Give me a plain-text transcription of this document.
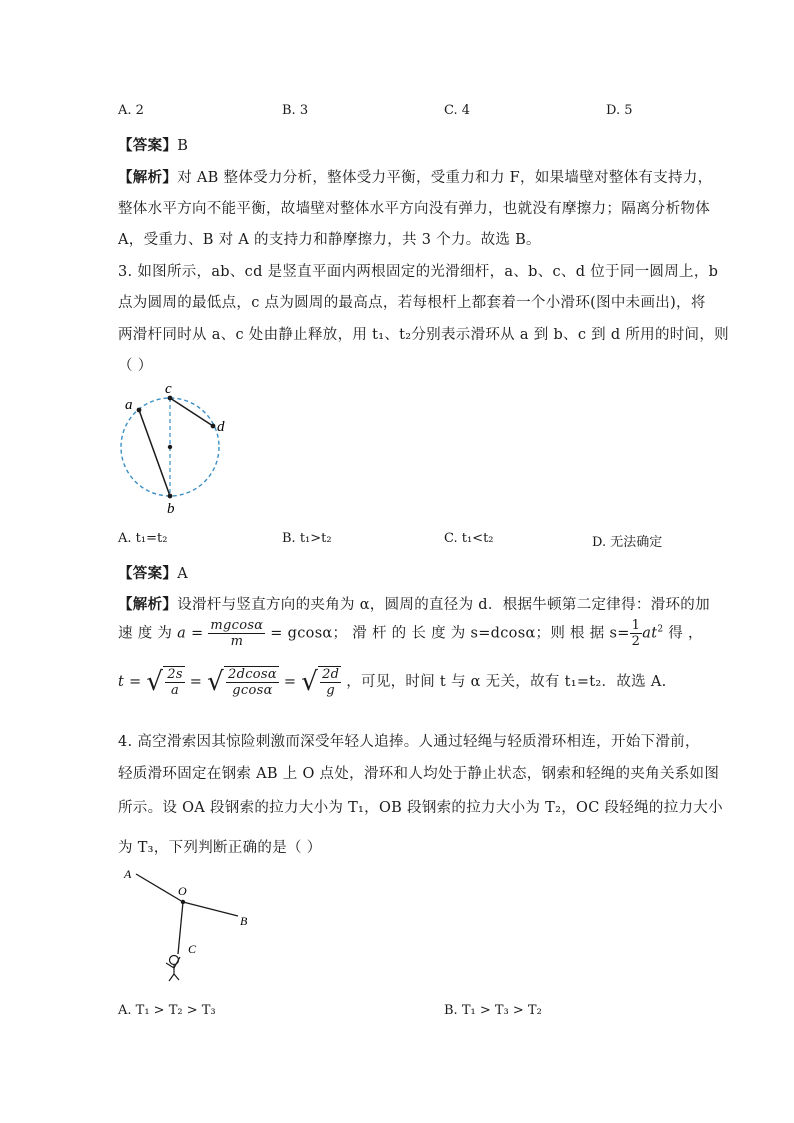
A. 2	B. 3	C. 4	D. 5
【答案】B
【解析】对 AB 整体受力分析，整体受力平衡，受重力和力 F，如果墙壁对整体有支持力，
整体水平方向不能平衡，故墙壁对整体水平方向没有弹力，也就没有摩擦力；隔离分析物体
A，受重力、B 对 A 的支持力和静摩擦力，共 3 个力。故选 B。
3. 如图所示，ab、cd 是竖直平面内两根固定的光滑细杆，a、b、c、d 位于同一圆周上，b
点为圆周的最低点，c 点为圆周的最高点，若每根杆上都套着一个小滑环(图中未画出)，将
两滑杆同时从 a、c 处由静止释放，用 t₁、t₂分别表示滑环从 a 到 b、c 到 d 所用的时间，则
（ ）
a
c
d
b
A. t₁=t₂	B. t₁>t₂	C. t₁<t₂	D. 无法确定
【答案】A
【解析】设滑杆与竖直方向的夹角为 α，圆周的直径为 d．根据牛顿第二定律得：滑环的加
速 度 为 $a = \frac{mgcos\alpha}{m} = gcos\alpha$； 滑 杆 的 长 度 为 s=dcosα；则 根 据 $s= \frac{1}{2} at^2$ 得 ，
t = √ $\frac{2s}{a}$ = √ $\frac{2dcos\alpha}{gcos\alpha}$ = √ $\frac{2d}{g}$ ，可见，时间 t 与 α 无关，故有 t₁=t₂．故选 A.
4. 高空滑索因其惊险刺激而深受年轻人追捧。人通过轻绳与轻质滑环相连，开始下滑前，
轻质滑环固定在钢索 AB 上 O 点处，滑环和人均处于静止状态，钢索和轻绳的夹角关系如图
所示。设 OA 段钢索的拉力大小为 T₁，OB 段钢索的拉力大小为 T₂，OC 段轻绳的拉力大小
为 T₃，下列判断正确的是（ ）
A
O
B
C
A. T₁ > T₂ > T₃	B. T₁ > T₃ > T₂
